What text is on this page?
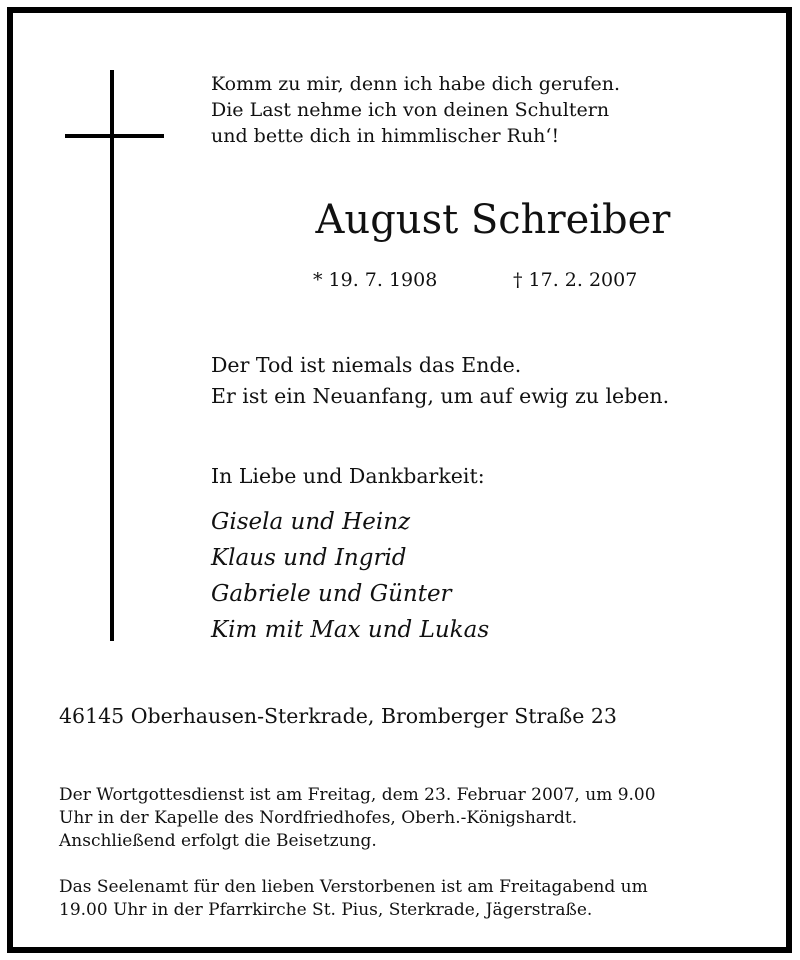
Komm zu mir, denn ich habe dich gerufen.
Die Last nehme ich von deinen Schultern
und bette dich in himmlischer Ruh‘!
August Schreiber
* 19. 7. 1908	† 17. 2. 2007
Der Tod ist niemals das Ende.
Er ist ein Neuanfang, um auf ewig zu leben.
In Liebe und Dankbarkeit:
Gisela und Heinz
Klaus und Ingrid
Gabriele und Günter
Kim mit Max und Lukas
46145 Oberhausen-Sterkrade, Bromberger Straße 23
Der Wortgottesdienst ist am Freitag, dem 23. Februar 2007, um 9.00
Uhr in der Kapelle des Nordfriedhofes, Oberh.-Königshardt.
Anschließend erfolgt die Beisetzung.
Das Seelenamt für den lieben Verstorbenen ist am Freitagabend um
19.00 Uhr in der Pfarrkirche St. Pius, Sterkrade, Jägerstraße.
